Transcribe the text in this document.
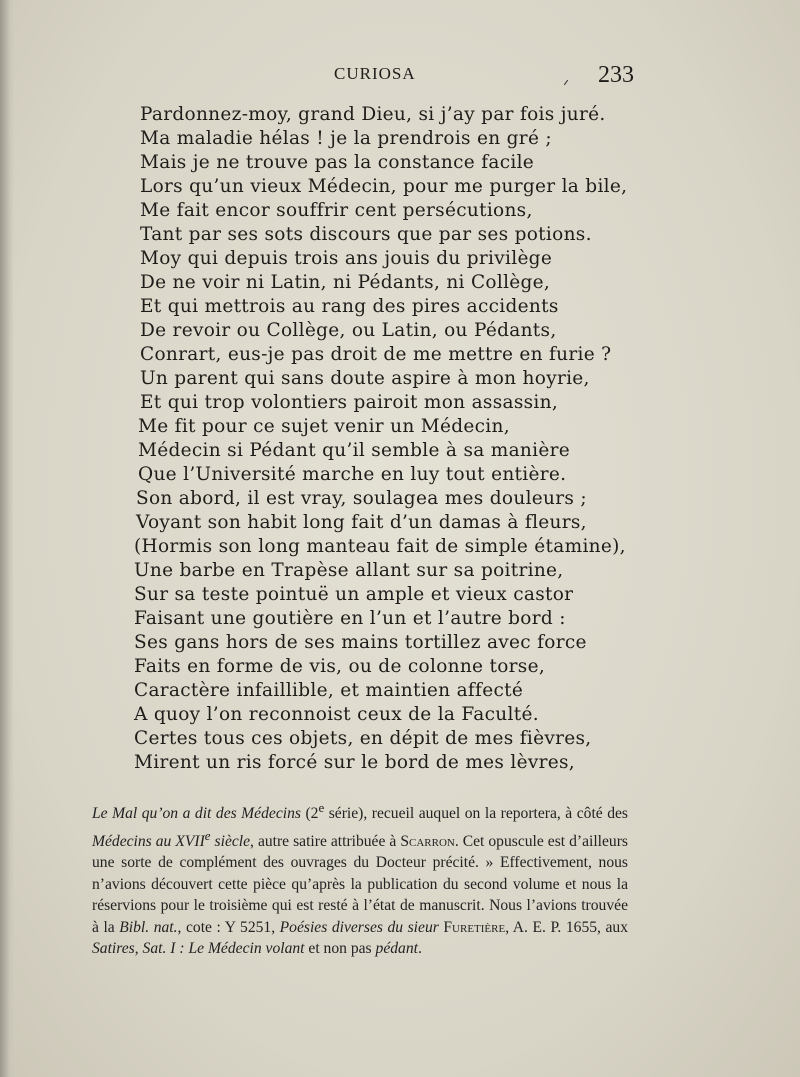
CURIOSA	233
Pardonnez-moy, grand Dieu, si j’ay par fois juré.
Ma maladie hélas ! je la prendrois en gré ;
Mais je ne trouve pas la constance facile
Lors qu’un vieux Médecin, pour me purger la bile,
Me fait encor souffrir cent persécutions,
Tant par ses sots discours que par ses potions.
Moy qui depuis trois ans jouis du privilège
De ne voir ni Latin, ni Pédants, ni Collège,
Et qui mettrois au rang des pires accidents
De revoir ou Collège, ou Latin, ou Pédants,
Conrart, eus-je pas droit de me mettre en furie ?
Un parent qui sans doute aspire à mon hoyrie,
Et qui trop volontiers pairoit mon assassin,
Me fit pour ce sujet venir un Médecin,
Médecin si Pédant qu’il semble à sa manière
Que l’Université marche en luy tout entière.
Son abord, il est vray, soulagea mes douleurs ;
Voyant son habit long fait d’un damas à fleurs,
(Hormis son long manteau fait de simple étamine),
Une barbe en Trapèse allant sur sa poitrine,
Sur sa teste pointuë un ample et vieux castor
Faisant une goutière en l’un et l’autre bord :
Ses gans hors de ses mains tortillez avec force
Faits en forme de vis, ou de colonne torse,
Caractère infaillible, et maintien affecté
A quoy l’on reconnoist ceux de la Faculté.
Certes tous ces objets, en dépit de mes fièvres,
Mirent un ris forcé sur le bord de mes lèvres,
Le Mal qu’on a dit des Médecins (2e série), recueil auquel on la reportera, à côté des Médecins au XVIIe siècle, autre satire attribuée à Scarron. Cet opuscule est d’ailleurs une sorte de complément des ouvrages du Docteur précité. » Effectivement, nous n’avions découvert cette pièce qu’après la publication du second volume et nous la réservions pour le troisième qui est resté à l’état de manuscrit. Nous l’avions trouvée à la Bibl. nat., cote : Y 5251, Poésies diverses du sieur Furetière, A. E. P. 1655, aux Satires, Sat. I : Le Médecin volant et non pas pédant.
